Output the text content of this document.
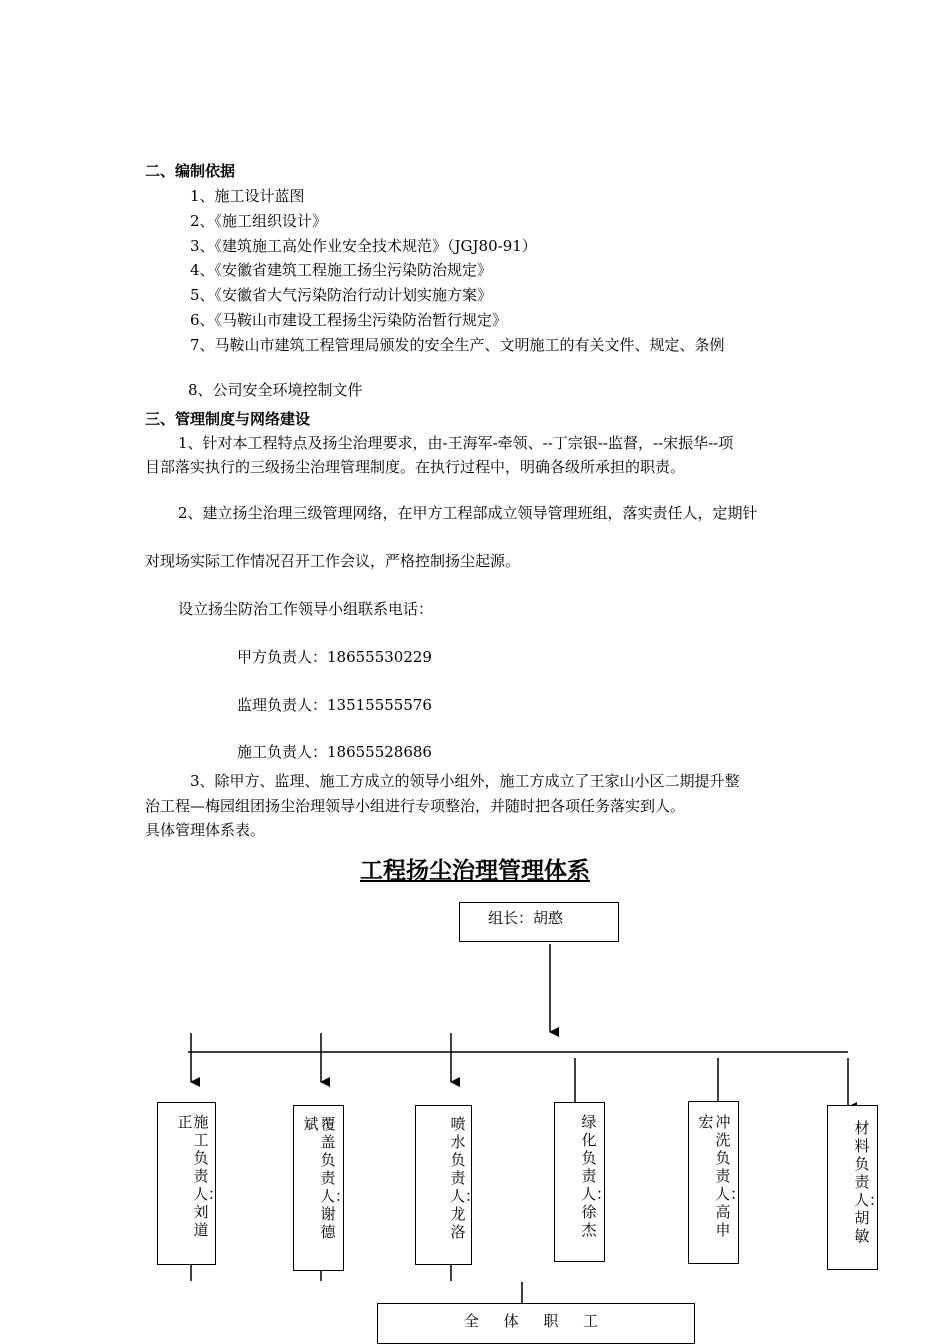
二、编制依据
1、施工设计蓝图
2、《施工组织设计》
3、《建筑施工高处作业安全技术规范》（JGJ80-91）
4、《安徽省建筑工程施工扬尘污染防治规定》
5、《安徽省大气污染防治行动计划实施方案》
6、《马鞍山市建设工程扬尘污染防治暂行规定》
7、马鞍山市建筑工程管理局颁发的安全生产、文明施工的有关文件、规定、条例
8、公司安全环境控制文件
三、管理制度与网络建设
1、针对本工程特点及扬尘治理要求，由-王海军-牵领、--丁宗银--监督，--宋振华--项
目部落实执行的三级扬尘治理管理制度。在执行过程中，明确各级所承担的职责。
2、建立扬尘治理三级管理网络，在甲方工程部成立领导管理班组，落实责任人，定期针
对现场实际工作情况召开工作会议，严格控制扬尘起源。
设立扬尘防治工作领导小组联系电话：
甲方负责人：18655530229
监理负责人：13515555576
施工负责人：18655528686
3、除甲方、监理、施工方成立的领导小组外，施工方成立了王家山小区二期提升整
治工程—梅园组团扬尘治理领导小组进行专项整治，并随时把各项任务落实到人。
具体管理体系表。
工程扬尘治理管理体系
组长：胡憨
正 施工负责人：刘道
斌 覆盖负责人：谢德
喷水负责人：龙洛
绿化负责人：徐杰
宏 冲洗负责人：高申
材料负责人：胡敏
全 体 职 工
